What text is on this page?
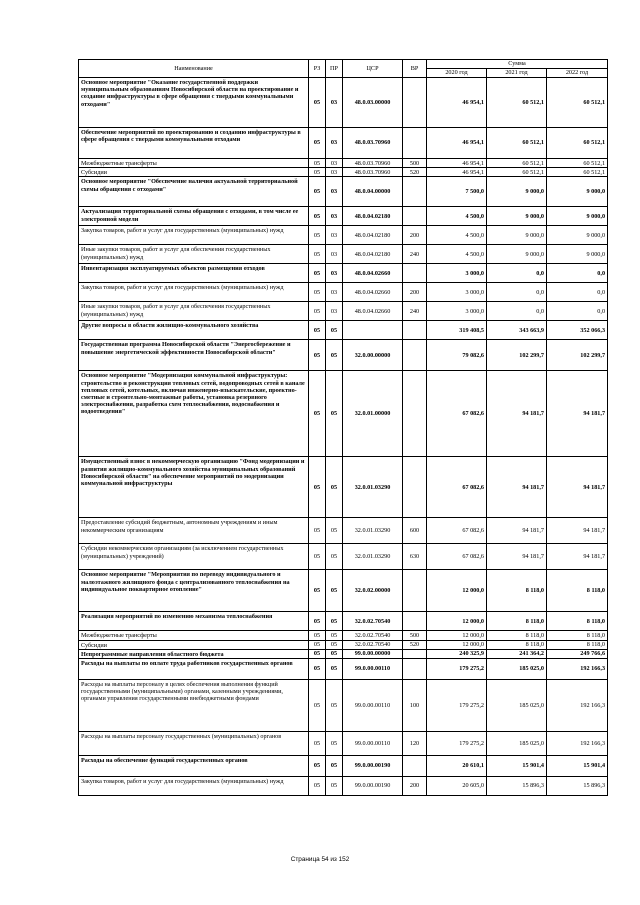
Наименование	РЗ	ПР	ЦСР	ВР	Сумма		
					2020 год	2021 год	2022 год
Основное мероприятие "Оказание государственной поддержки муниципальным образованиям Новосибирской области на проектирование и создание инфраструктуры в сфере обращения с твердыми коммунальными отходами"	05	03	48.0.03.00000		46 954,1	60 512,1	60 512,1
Обеспечение мероприятий по проектированию и созданию инфраструктуры в сфере обращения с твердыми коммунальными отходами	05	03	48.0.03.70960		46 954,1	60 512,1	60 512,1
Межбюджетные трансферты	05	03	48.0.03.70960	500	46 954,1	60 512,1	60 512,1
Субсидии	05	03	48.0.03.70960	520	46 954,1	60 512,1	60 512,1
Основное мероприятие "Обеспечение наличия актуальной территориальной схемы обращения с отходами"	05	03	48.0.04.00000		7 500,0	9 000,0	9 000,0
Актуализация территориальной схемы обращения с отходами, в том числе ее электронной модели	05	03	48.0.04.02180		4 500,0	9 000,0	9 000,0
Закупка товаров, работ и услуг для государственных (муниципальных) нужд	05	03	48.0.04.02180	200	4 500,0	9 000,0	9 000,0
Иные закупки товаров, работ и услуг для обеспечения государственных (муниципальных) нужд	05	03	48.0.04.02180	240	4 500,0	9 000,0	9 000,0
Инвентаризация эксплуатируемых объектов размещения отходов	05	03	48.0.04.02660		3 000,0	0,0	0,0
Закупка товаров, работ и услуг для государственных (муниципальных) нужд	05	03	48.0.04.02660	200	3 000,0	0,0	0,0
Иные закупки товаров, работ и услуг для обеспечения государственных (муниципальных) нужд	05	03	48.0.04.02660	240	3 000,0	0,0	0,0
Другие вопросы в области жилищно-коммунального хозяйства	05	05			319 408,5	343 663,9	352 066,3
Государственная программа Новосибирской области "Энергосбережение и повышение энергетической эффективности Новосибирской области"	05	05	32.0.00.00000		79 082,6	102 299,7	102 299,7
Основное мероприятие "Модернизация коммунальной инфраструктуры: строительство и реконструкция тепловых сетей, водопроводных сетей в канале тепловых сетей, котельных, включая инженерно-изыскательские, проектно-сметные и строительно-монтажные работы, установка резервного электроснабжения, разработка схем теплоснабжения, водоснабжения и водоотведения"	05	05	32.0.01.00000		67 082,6	94 181,7	94 181,7
Имущественный взнос в некоммерческую организацию "Фонд модернизации и развития жилищно-коммунального хозяйства муниципальных образований Новосибирской области" на обеспечение мероприятий по модернизации коммунальной инфраструктуры	05	05	32.0.01.03290		67 082,6	94 181,7	94 181,7
Предоставление субсидий бюджетным, автономным учреждениям и иным некоммерческим организациям	05	05	32.0.01.03290	600	67 082,6	94 181,7	94 181,7
Субсидии некоммерческим организациям (за исключением государственных (муниципальных) учреждений)	05	05	32.0.01.03290	630	67 082,6	94 181,7	94 181,7
Основное мероприятие "Мероприятия по переводу индивидуального и малоэтажного жилищного фонда с централизованного теплоснабжения на индивидуальное поквартирное отопление"	05	05	32.0.02.00000		12 000,0	8 118,0	8 118,0
Реализация мероприятий по изменению механизма теплоснабжения	05	05	32.0.02.70540		12 000,0	8 118,0	8 118,0
Межбюджетные трансферты	05	05	32.0.02.70540	500	12 000,0	8 118,0	8 118,0
Субсидии	05	05	32.0.02.70540	520	12 000,0	8 118,0	8 118,0
Непрограммные направления областного бюджета	05	05	99.0.00.00000		240 325,9	241 364,2	249 766,6
Расходы на выплаты по оплате труда работников государственных органов	05	05	99.0.00.00110		179 275,2	185 025,0	192 166,3
Расходы на выплаты персоналу в целях обеспечения выполнения функций государственными (муниципальными) органами, казенными учреждениями, органами управления государственными внебюджетными фондами	05	05	99.0.00.00110	100	179 275,2	185 025,0	192 166,3
Расходы на выплаты персоналу государственных (муниципальных) органов	05	05	99.0.00.00110	120	179 275,2	185 025,0	192 166,3
Расходы на обеспечение функций государственных органов	05	05	99.0.00.00190		20 610,1	15 901,4	15 901,4
Закупка товаров, работ и услуг для государственных (муниципальных) нужд	05	05	99.0.00.00190	200	20 605,0	15 896,3	15 896,3
Страница 54 из 152
